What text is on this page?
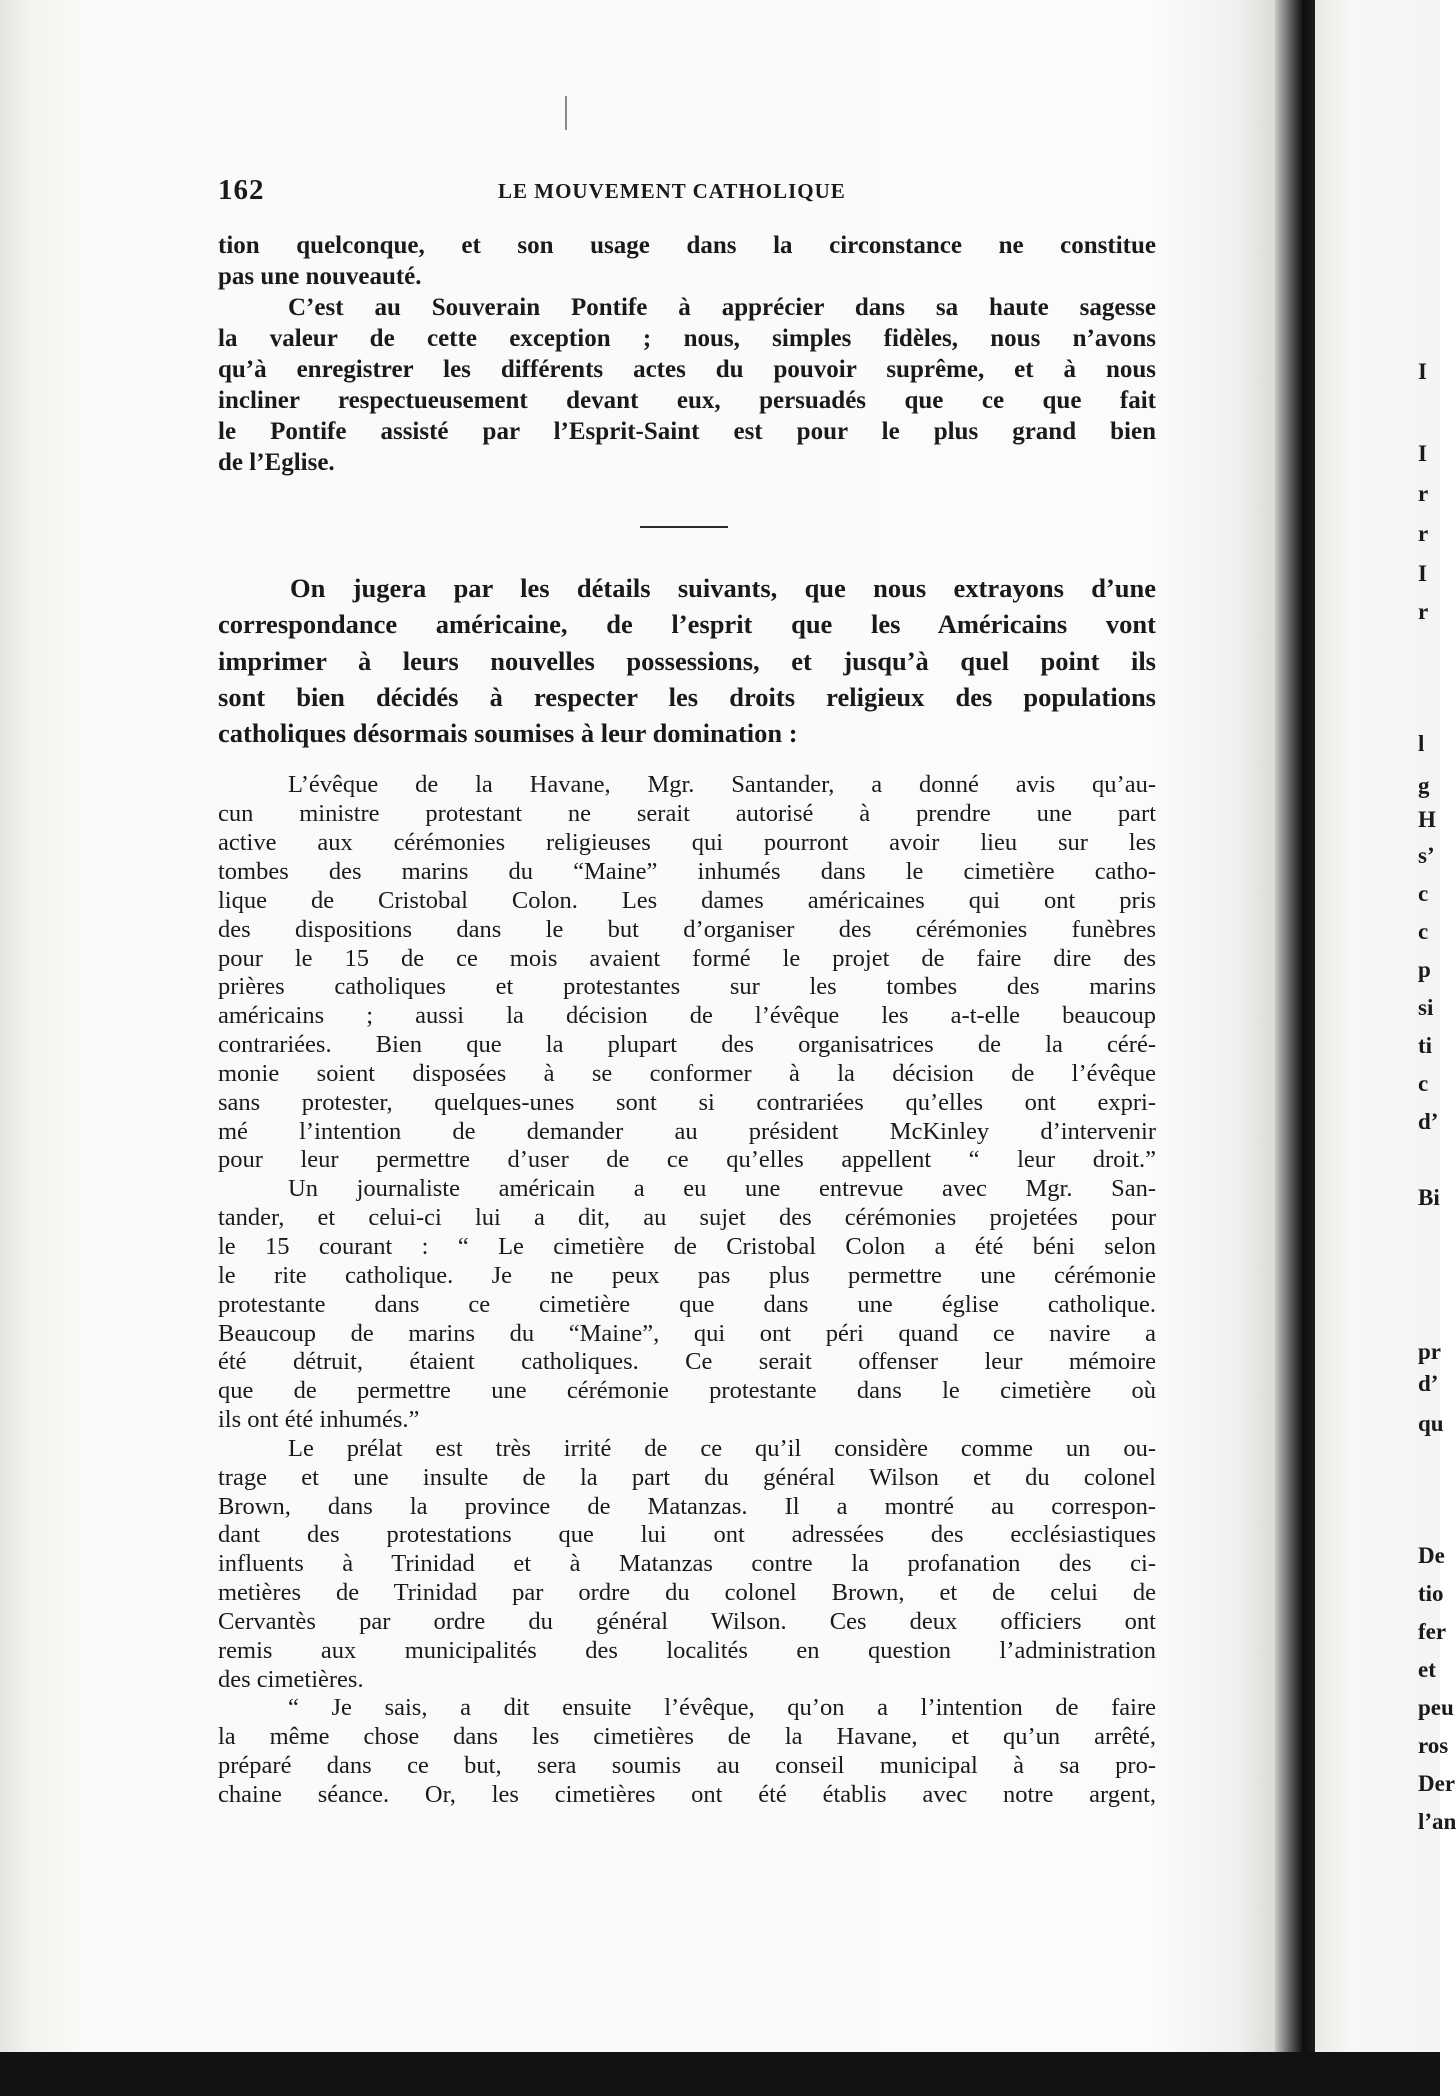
162	LE MOUVEMENT CATHOLIQUE
tion quelconque, et son usage dans la circonstance ne constitue
pas une nouveauté.
C’est au Souverain Pontife à apprécier dans sa haute sagesse
la valeur de cette exception ; nous, simples fidèles, nous n’avons
qu’à enregistrer les différents actes du pouvoir suprême, et à nous
incliner respectueusement devant eux, persuadés que ce que fait
le Pontife assisté par l’Esprit-Saint est pour le plus grand bien
de l’Eglise.
On jugera par les détails suivants, que nous extrayons d’une
correspondance américaine, de l’esprit que les Américains vont
imprimer à leurs nouvelles possessions, et jusqu’à quel point ils
sont bien décidés à respecter les droits religieux des populations
catholiques désormais soumises à leur domination :
L’évêque de la Havane, Mgr. Santander, a donné avis qu’au-
cun ministre protestant ne serait autorisé à prendre une part
active aux cérémonies religieuses qui pourront avoir lieu sur les
tombes des marins du “Maine” inhumés dans le cimetière catho-
lique de Cristobal Colon. Les dames américaines qui ont pris
des dispositions dans le but d’organiser des cérémonies funèbres
pour le 15 de ce mois avaient formé le projet de faire dire des
prières catholiques et protestantes sur les tombes des marins
américains ; aussi la décision de l’évêque les a-t-elle beaucoup
contrariées. Bien que la plupart des organisatrices de la céré-
monie soient disposées à se conformer à la décision de l’évêque
sans protester, quelques-unes sont si contrariées qu’elles ont expri-
mé l’intention de demander au président McKinley d’intervenir
pour leur permettre d’user de ce qu’elles appellent “ leur droit.”
Un journaliste américain a eu une entrevue avec Mgr. San-
tander, et celui-ci lui a dit, au sujet des cérémonies projetées pour
le 15 courant : “ Le cimetière de Cristobal Colon a été béni selon
le rite catholique. Je ne peux pas plus permettre une cérémonie
protestante dans ce cimetière que dans une église catholique.
Beaucoup de marins du “Maine”, qui ont péri quand ce navire a
été détruit, étaient catholiques. Ce serait offenser leur mémoire
que de permettre une cérémonie protestante dans le cimetière où
ils ont été inhumés.”
Le prélat est très irrité de ce qu’il considère comme un ou-
trage et une insulte de la part du général Wilson et du colonel
Brown, dans la province de Matanzas. Il a montré au correspon-
dant des protestations que lui ont adressées des ecclésiastiques
influents à Trinidad et à Matanzas contre la profanation des ci-
metières de Trinidad par ordre du colonel Brown, et de celui de
Cervantès par ordre du général Wilson. Ces deux officiers ont
remis aux municipalités des localités en question l’administration
des cimetières.
“ Je sais, a dit ensuite l’évêque, qu’on a l’intention de faire
la même chose dans les cimetières de la Havane, et qu’un arrêté,
préparé dans ce but, sera soumis au conseil municipal à sa pro-
chaine séance. Or, les cimetières ont été établis avec notre argent,
I
I
r
r
I
r
l
g
H
s’
c
c
p
si
ti
c
d’
Bi
pr
d’
qu
De
tio
fer
et
peu
ros
Der
l’an
